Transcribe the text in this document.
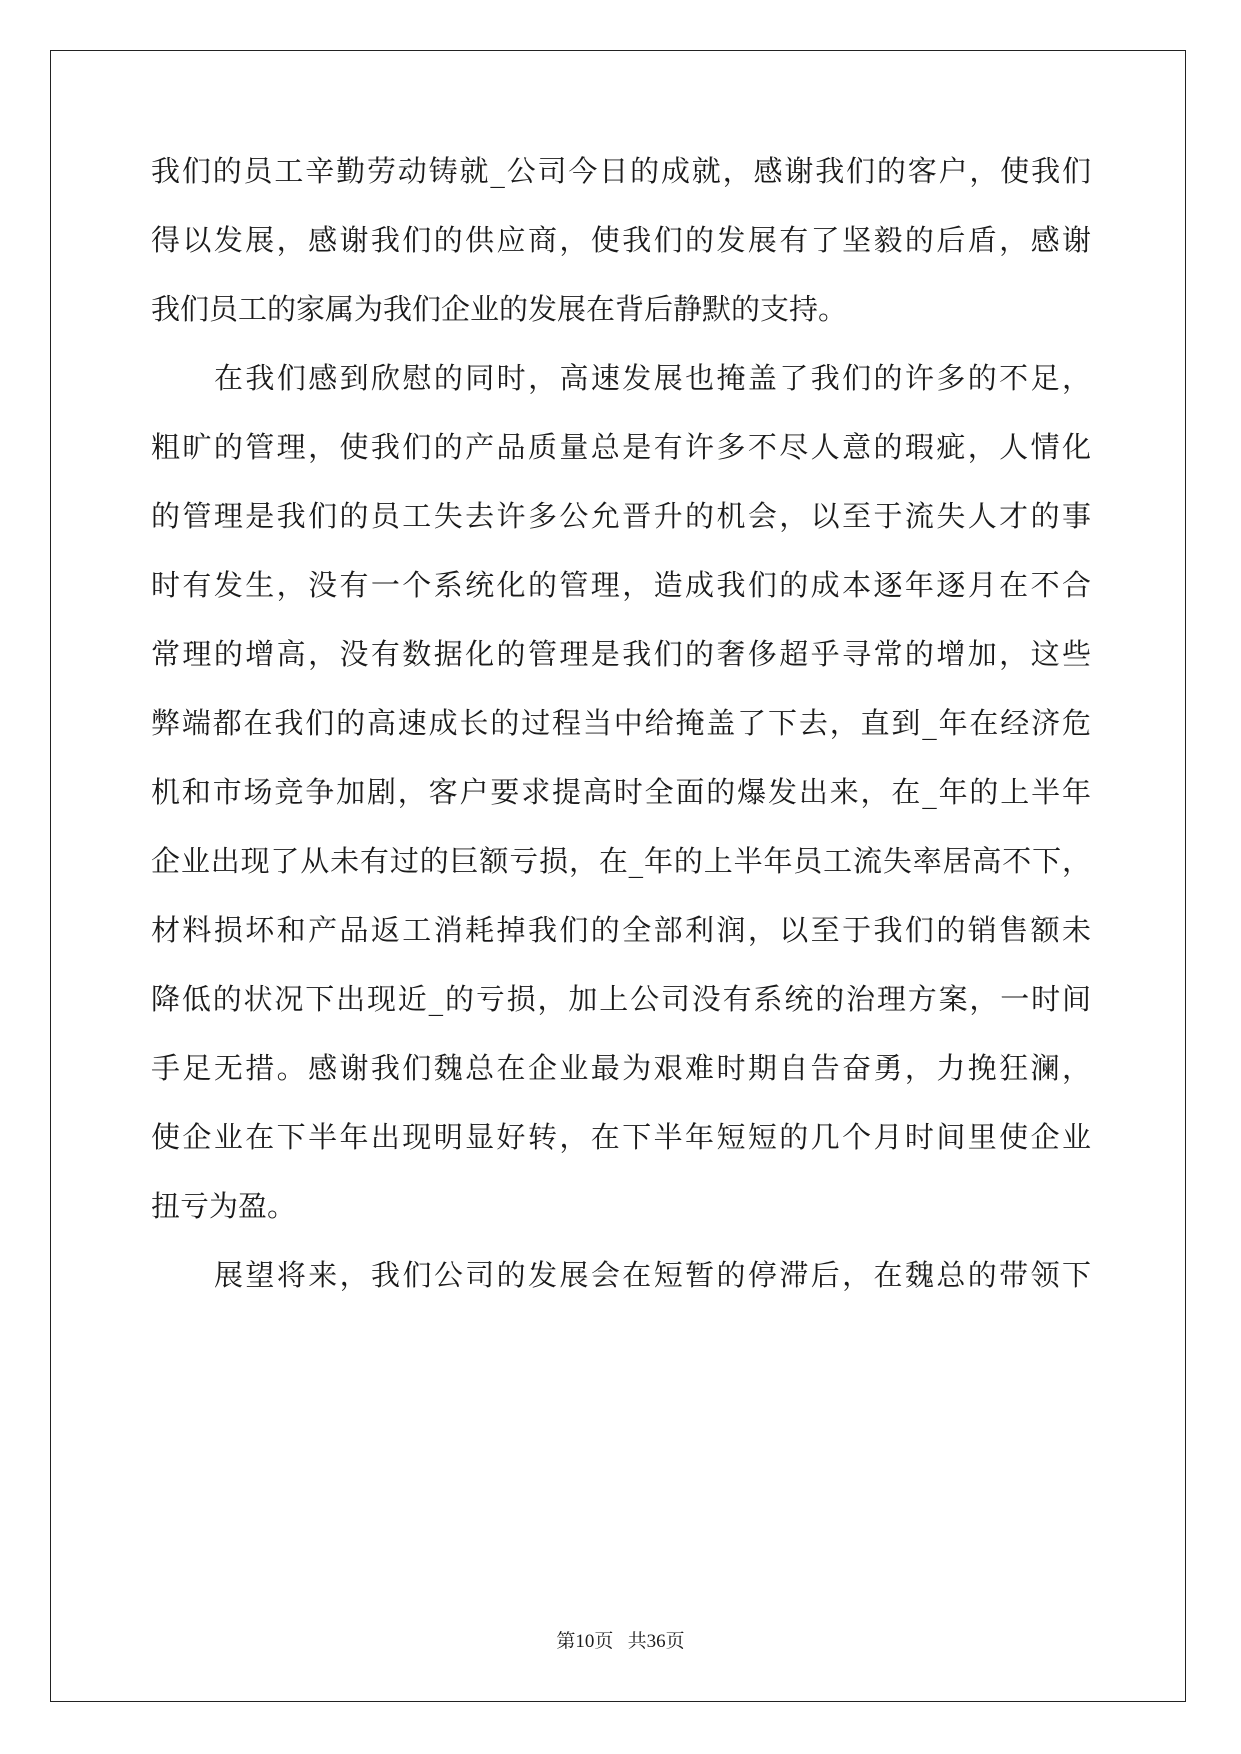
我们的员工辛勤劳动铸就_公司今日的成就，感谢我们的客户，使我们
得以发展，感谢我们的供应商，使我们的发展有了坚毅的后盾，感谢
我们员工的家属为我们企业的发展在背后静默的支持。
在我们感到欣慰的同时，高速发展也掩盖了我们的许多的不足，
粗旷的管理，使我们的产品质量总是有许多不尽人意的瑕疵，人情化
的管理是我们的员工失去许多公允晋升的机会，以至于流失人才的事
时有发生，没有一个系统化的管理，造成我们的成本逐年逐月在不合
常理的增高，没有数据化的管理是我们的奢侈超乎寻常的增加，这些
弊端都在我们的高速成长的过程当中给掩盖了下去，直到_年在经济危
机和市场竞争加剧，客户要求提高时全面的爆发出来，在_年的上半年
企业出现了从未有过的巨额亏损，在_年的上半年员工流失率居高不下，
材料损坏和产品返工消耗掉我们的全部利润，以至于我们的销售额未
降低的状况下出现近_的亏损，加上公司没有系统的治理方案，一时间
手足无措。感谢我们魏总在企业最为艰难时期自告奋勇，力挽狂澜，
使企业在下半年出现明显好转，在下半年短短的几个月时间里使企业
扭亏为盈。
展望将来，我们公司的发展会在短暂的停滞后，在魏总的带领下
第10页   共36页
